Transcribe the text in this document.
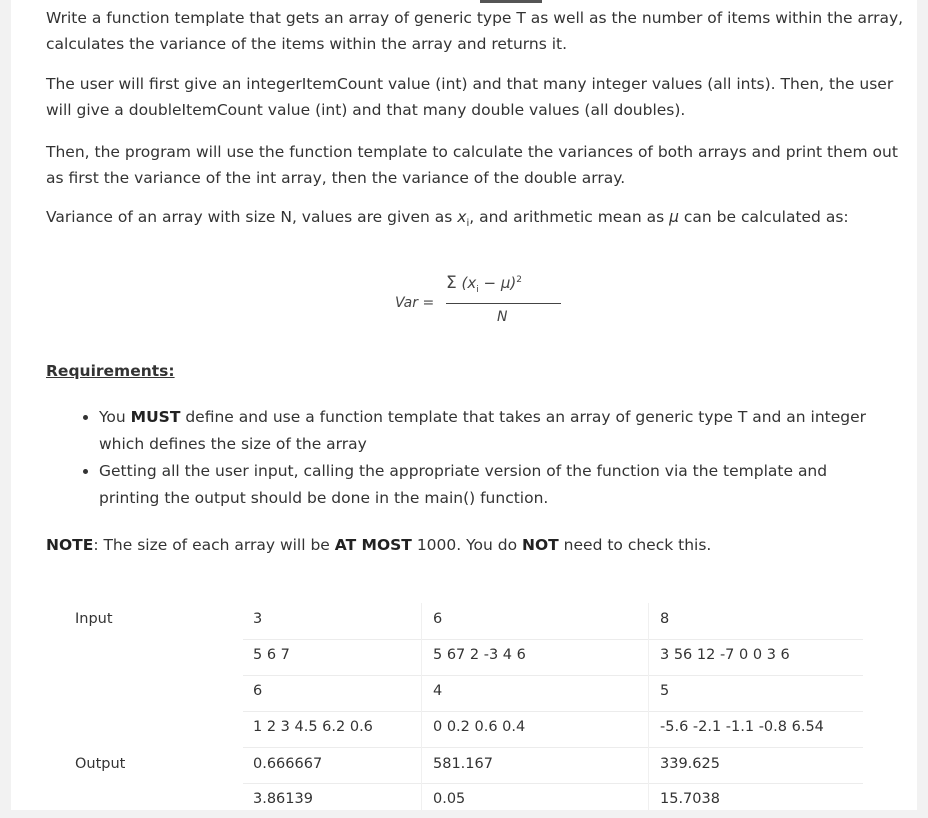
Write a function template that gets an array of generic type T as well as the number of items within the array, calculates the variance of the items within the array and returns it.

The user will first give an integerItemCount value (int) and that many integer values (all ints). Then, the user will give a doubleItemCount value (int) and that many double values (all doubles).

Then, the program will use the function template to calculate the variances of both arrays and print them out as first the variance of the int array, then the variance of the double array.

Variance of an array with size N, values are given as $x_i$, and arithmetic mean as μ can be calculated as:

Var =
Σ $(x_i - \mu)^2$
N

Requirements:

• You MUST define and use a function template that takes an array of generic type T and an integer which defines the size of the array
• Getting all the user input, calling the appropriate version of the function via the template and printing the output should be done in the main() function.

NOTE: The size of each array will be AT MOST 1000. You do NOT need to check this.

Input
Output
3
5 6 7
6
1 2 3 4.5 6.2 0.6
0.666667
3.86139
6
5 67 2 -3 4 6
4
0 0.2 0.6 0.4
581.167
0.05
8
3 56 12 -7 0 0 3 6
5
-5.6 -2.1 -1.1 -0.8 6.54
339.625
15.7038
